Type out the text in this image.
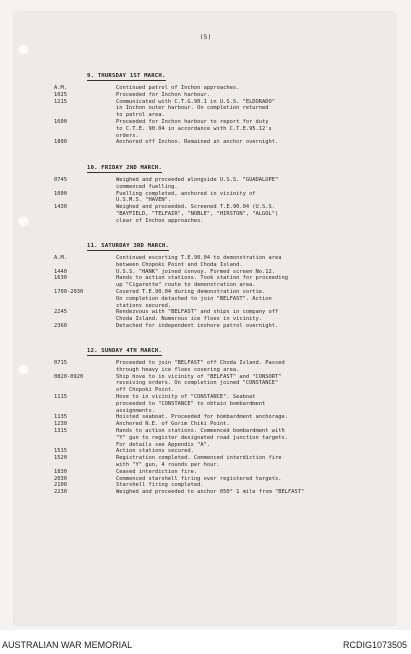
(5)
9. THURSDAY 1ST MARCH.
A.M.	Continued patrol of Inchon approaches.
1025	Proceeded for Inchon harbour.
1215	Communicated with C.T.G.90.1 in U.S.S. "ELDORADO"
in Inchon outer harbour. On completion returned
to patrol area.
1600	Proceeded for Inchon harbour to report for duty
to C.T.E. 90.04 in accordance with C.T.E.95.12's
orders.
1800	Anchored off Inchon. Remained at anchor overnight.
10. FRIDAY 2ND MARCH.
0745	Weighed and proceeded alongside U.S.S. "GUADALUPE"
commenced fuelling.
1000	Fuelling completed, anchored in vicinity of
U.S.M.S. "HAVEN".
1430	Weighed and proceeded. Screened T.E.90.04 (U.S.S.
"BAYFIELD, "TELFAIR", "NOBLE", "HIRSTON", "ALGOL")
clear of Inchon approaches.
11. SATURDAY 3RD MARCH.
A.M.	Continued escorting T.E.90.04 to demonstration area
between Chopoki Point and Choda Island.
1440	U.S.S. "HANK" joined convoy. Formed screen No.12.
1630	Hands to action stations. Took station for proceeding
up "Cigarette" route to demonstration area.
1700-2030	Covered T.E.90.04 during demonstration sortie.
On completion detached to join "BELFAST". Action
stations secured.
2245	Rendezvous with "BELFAST" and ships in company off
Choda Island. Numerous ice floes in vicinity.
2360	Detached for independent inshore patrol overnight.
12. SUNDAY 4TH MARCH.
0715	Proceeded to join "BELFAST" off Choda Island. Passed
through heavy ice floes covering area.
0820-0920	Ship hove to in vicinity of "BELFAST" and "CONSORT"
receiving orders. On completion joined "CONSTANCE"
off Chopoki Point.
1115	Hove to in vicinity of "CONSTANCE". Seaboat
proceeded to "CONSTANCE" to obtain bombardment
assignments.
1135	Hoisted seaboat. Proceeded for bombardment anchorage.
1230	Anchored N.E. of Gorim Chiki Point.
1315	Hands to action stations. Commenced bombardment with
"Y" gun to register designated road junction targets.
For details see Appendix "A".
1515	Action stations secured.
1520	Registration completed. Commenced interdiction fire
with "Y" gun, 4 rounds per hour.
1830	Ceased interdiction fire.
2030	Commenced starshell firing over registered targets.
2100	Starshell firing completed.
2230	Weighed and proceeded to anchor 050° 1 mile from "BELFAST"
AUSTRALIAN WAR MEMORIAL	RCDIG1073505
